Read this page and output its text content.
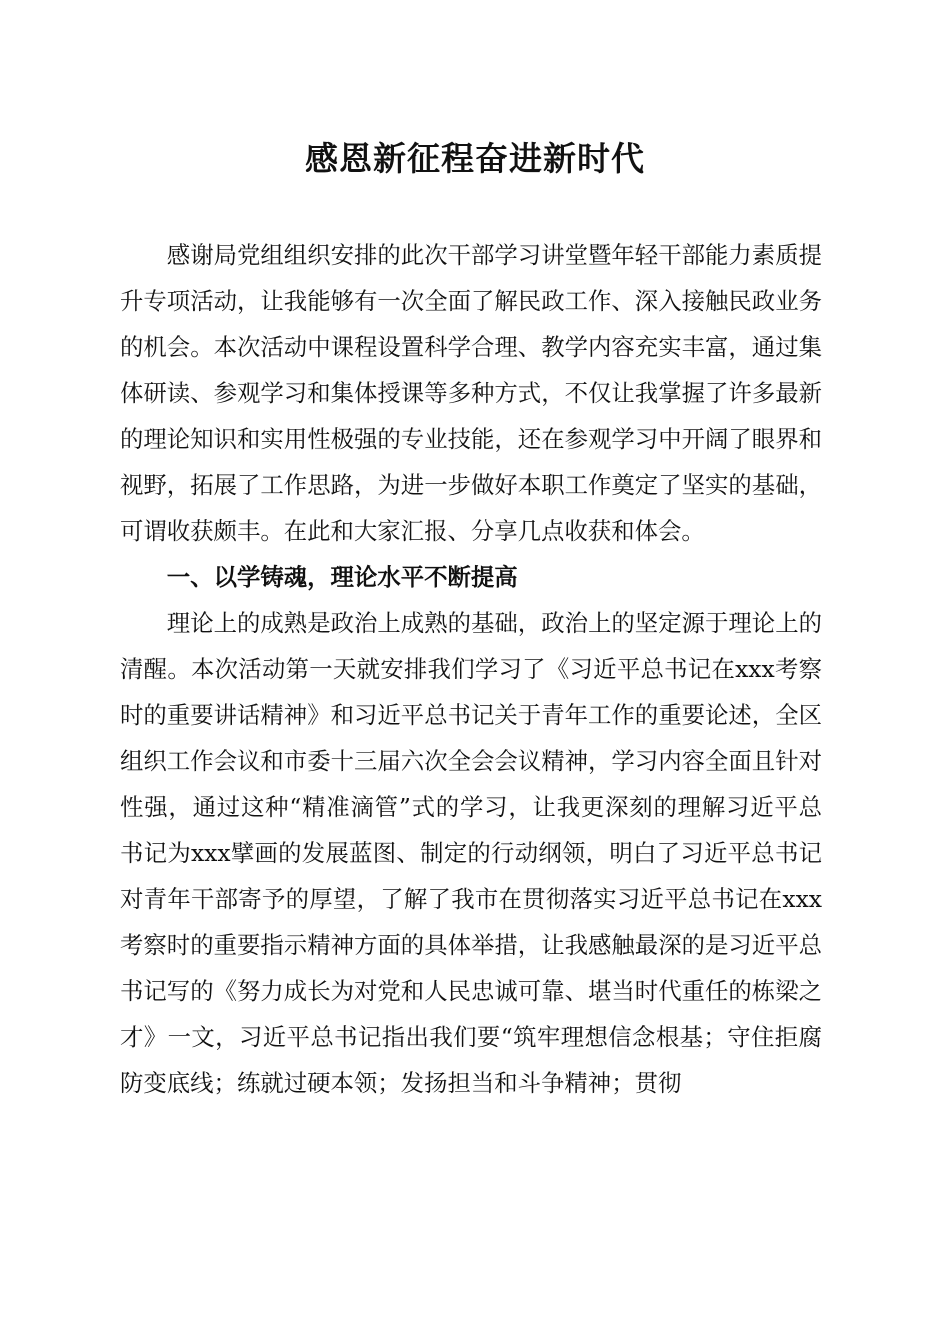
感恩新征程奋进新时代

感谢局党组组织安排的此次干部学习讲堂暨年轻干部能力素质提升专项活动，让我能够有一次全面了解民政工作、深入接触民政业务的机会。本次活动中课程设置科学合理、教学内容充实丰富，通过集体研读、参观学习和集体授课等多种方式，不仅让我掌握了许多最新的理论知识和实用性极强的专业技能，还在参观学习中开阔了眼界和视野，拓展了工作思路，为进一步做好本职工作奠定了坚实的基础，可谓收获颇丰。在此和大家汇报、分享几点收获和体会。

一、以学铸魂，理论水平不断提高

理论上的成熟是政治上成熟的基础，政治上的坚定源于理论上的清醒。本次活动第一天就安排我们学习了《习近平总书记在xxx考察时的重要讲话精神》和习近平总书记关于青年工作的重要论述，全区组织工作会议和市委十三届六次全会会议精神，学习内容全面且针对性强，通过这种“精准滴管”式的学习，让我更深刻的理解习近平总书记为xxx擘画的发展蓝图、制定的行动纲领，明白了习近平总书记对青年干部寄予的厚望，了解了我市在贯彻落实习近平总书记在xxx考察时的重要指示精神方面的具体举措，让我感触最深的是习近平总书记写的《努力成长为对党和人民忠诚可靠、堪当时代重任的栋梁之才》一文，习近平总书记指出我们要“筑牢理想信念根基；守住拒腐防变底线；练就过硬本领；发扬担当和斗争精神；贯彻
